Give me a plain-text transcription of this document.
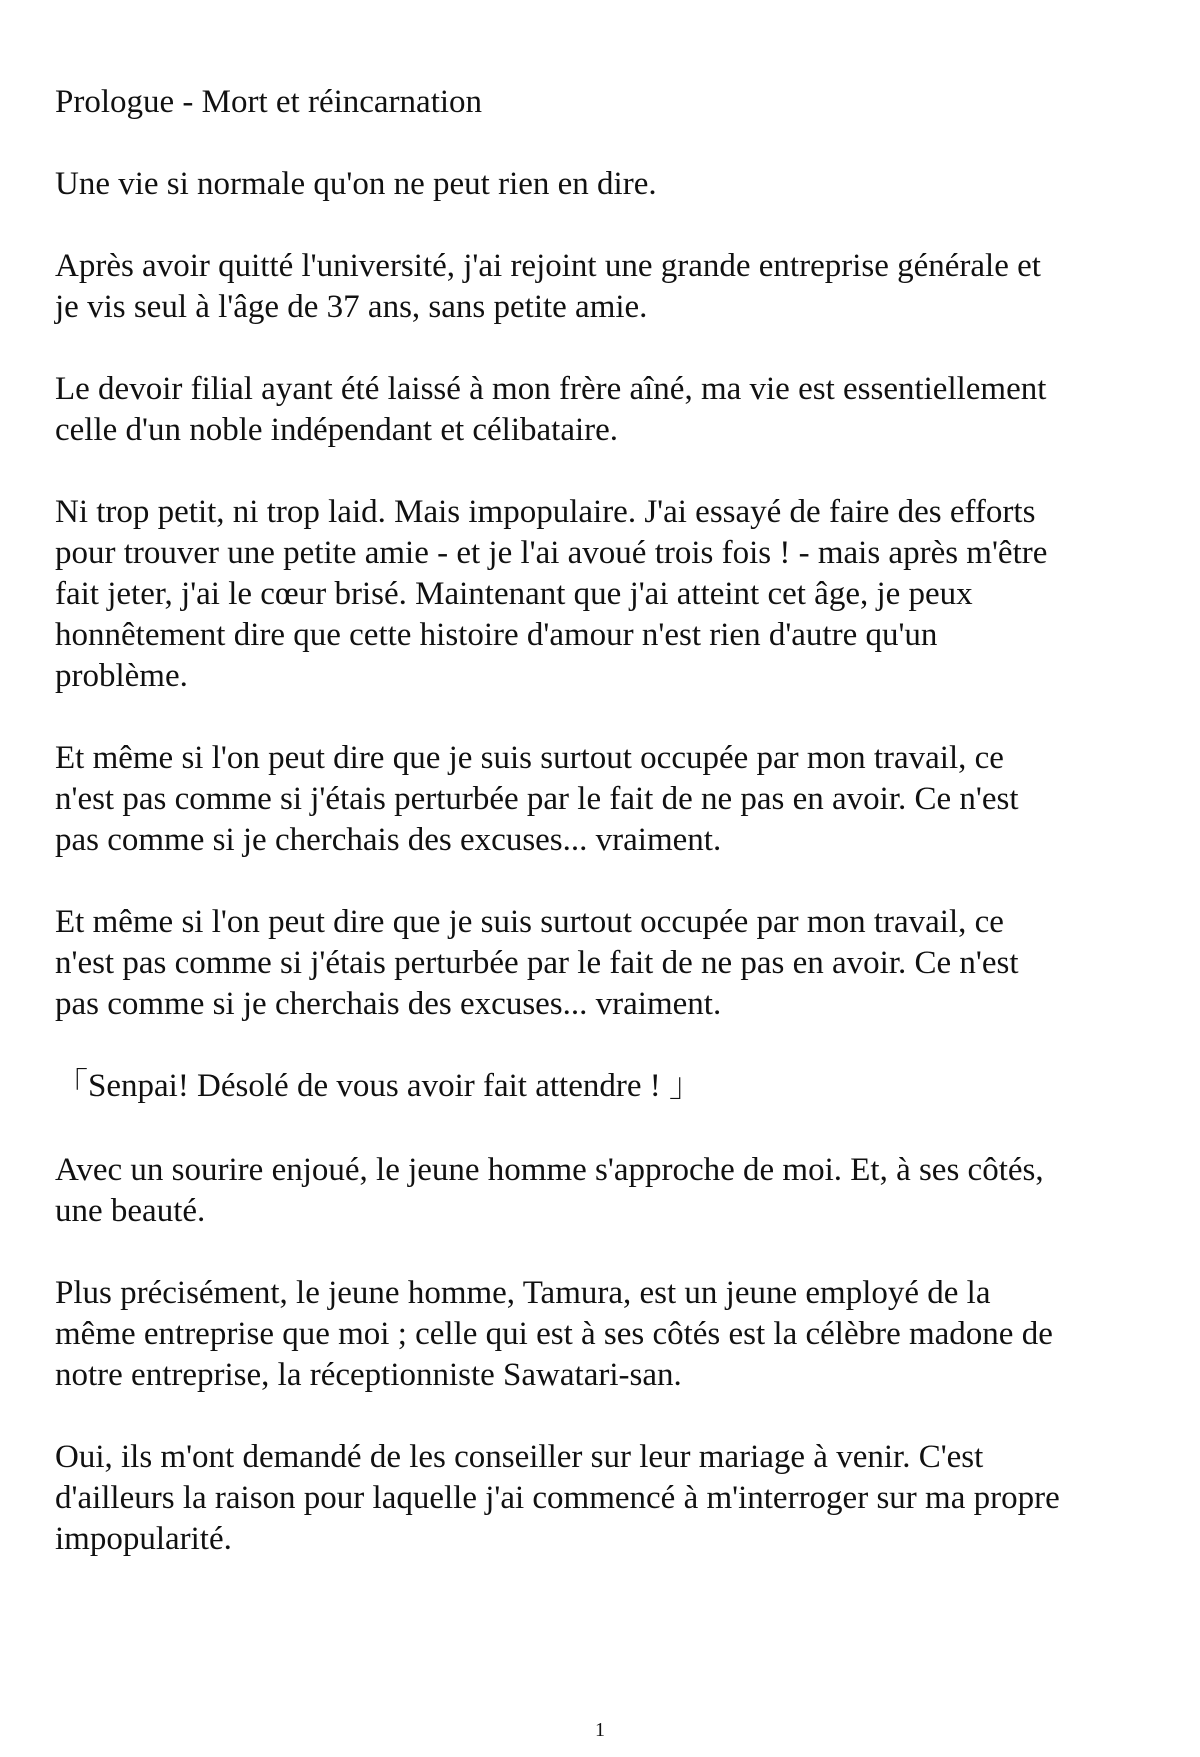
Prologue - Mort et réincarnation
Une vie si normale qu'on ne peut rien en dire.
Après avoir quitté l'université, j'ai rejoint une grande entreprise générale et
je vis seul à l'âge de 37 ans, sans petite amie.
Le devoir filial ayant été laissé à mon frère aîné, ma vie est essentiellement
celle d'un noble indépendant et célibataire.
Ni trop petit, ni trop laid. Mais impopulaire. J'ai essayé de faire des efforts
pour trouver une petite amie - et je l'ai avoué trois fois ! - mais après m'être
fait jeter, j'ai le cœur brisé. Maintenant que j'ai atteint cet âge, je peux
honnêtement dire que cette histoire d'amour n'est rien d'autre qu'un
problème.
Et même si l'on peut dire que je suis surtout occupée par mon travail, ce
n'est pas comme si j'étais perturbée par le fait de ne pas en avoir. Ce n'est
pas comme si je cherchais des excuses... vraiment.
Et même si l'on peut dire que je suis surtout occupée par mon travail, ce
n'est pas comme si j'étais perturbée par le fait de ne pas en avoir. Ce n'est
pas comme si je cherchais des excuses... vraiment.
「Senpai! Désolé de vous avoir fait attendre ! 」
Avec un sourire enjoué, le jeune homme s'approche de moi. Et, à ses côtés,
une beauté.
Plus précisément, le jeune homme, Tamura, est un jeune employé de la
même entreprise que moi ; celle qui est à ses côtés est la célèbre madone de
notre entreprise, la réceptionniste Sawatari-san.
Oui, ils m'ont demandé de les conseiller sur leur mariage à venir. C'est
d'ailleurs la raison pour laquelle j'ai commencé à m'interroger sur ma propre
impopularité.
1
